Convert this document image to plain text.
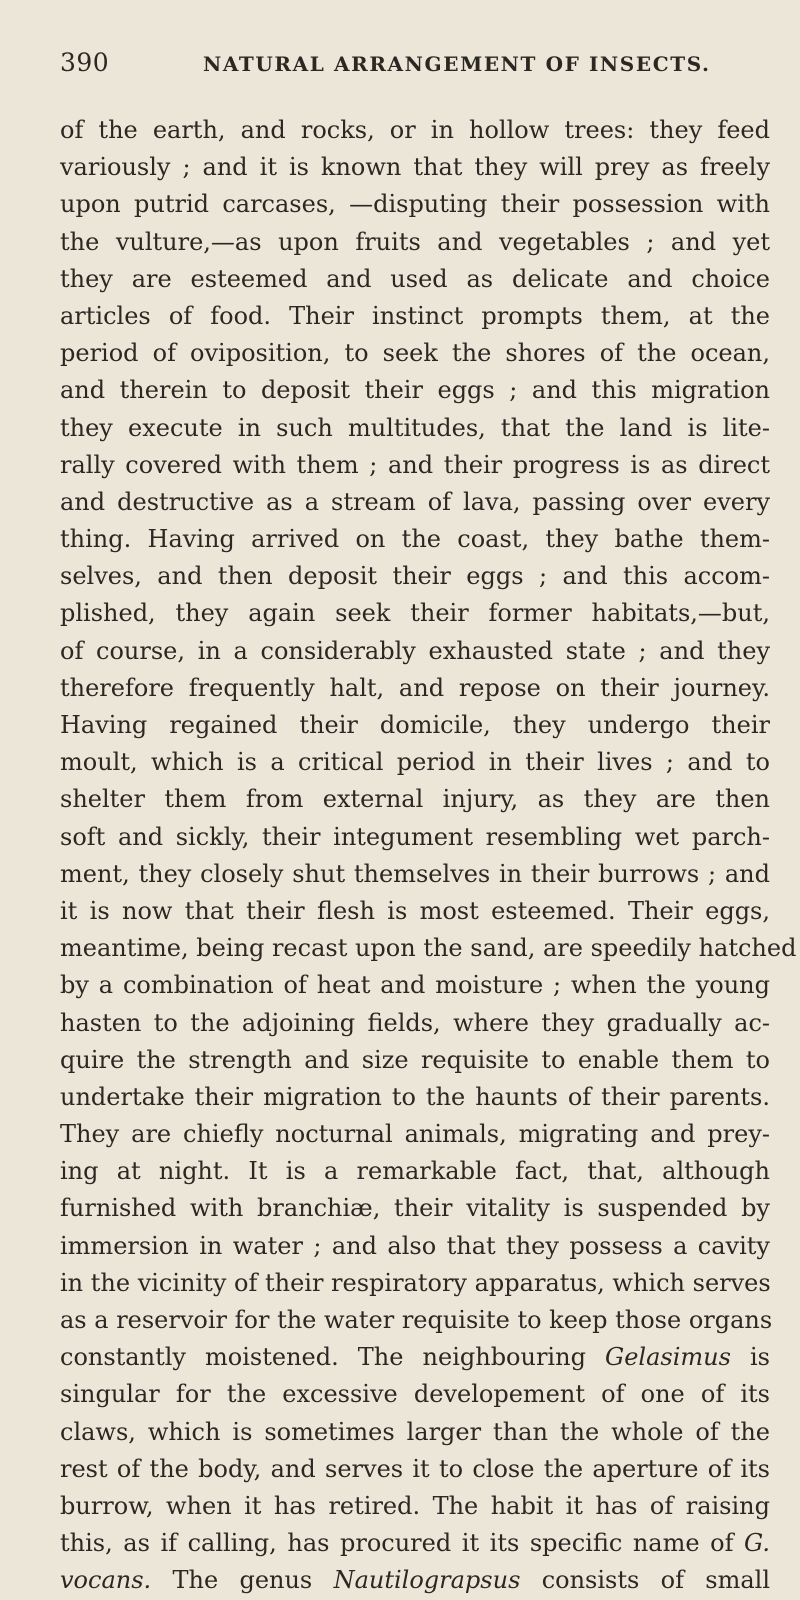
390	NATURAL ARRANGEMENT OF INSECTS.
of the earth, and rocks, or in hollow trees: they feed
variously ; and it is known that they will prey as freely
upon putrid carcases, —disputing their possession with
the vulture,—as upon fruits and vegetables ; and yet
they are esteemed and used as delicate and choice
articles of food. Their instinct prompts them, at the
period of oviposition, to seek the shores of the ocean,
and therein to deposit their eggs ; and this migration
they execute in such multitudes, that the land is lite-
rally covered with them ; and their progress is as direct
and destructive as a stream of lava, passing over every
thing. Having arrived on the coast, they bathe them-
selves, and then deposit their eggs ; and this accom-
plished, they again seek their former habitats,—but,
of course, in a considerably exhausted state ; and they
therefore frequently halt, and repose on their journey.
Having regained their domicile, they undergo their
moult, which is a critical period in their lives ; and to
shelter them from external injury, as they are then
soft and sickly, their integument resembling wet parch-
ment, they closely shut themselves in their burrows ; and
it is now that their flesh is most esteemed. Their eggs,
meantime, being recast upon the sand, are speedily hatched
by a combination of heat and moisture ; when the young
hasten to the adjoining fields, where they gradually ac-
quire the strength and size requisite to enable them to
undertake their migration to the haunts of their parents.
They are chiefly nocturnal animals, migrating and prey-
ing at night. It is a remarkable fact, that, although
furnished with branchiæ, their vitality is suspended by
immersion in water ; and also that they possess a cavity
in the vicinity of their respiratory apparatus, which serves
as a reservoir for the water requisite to keep those organs
constantly moistened. The neighbouring Gelasimus is
singular for the excessive developement of one of its
claws, which is sometimes larger than the whole of the
rest of the body, and serves it to close the aperture of its
burrow, when it has retired. The habit it has of raising
this, as if calling, has procured it its specific name of G.
vocans. The genus Nautilograpsus consists of small
